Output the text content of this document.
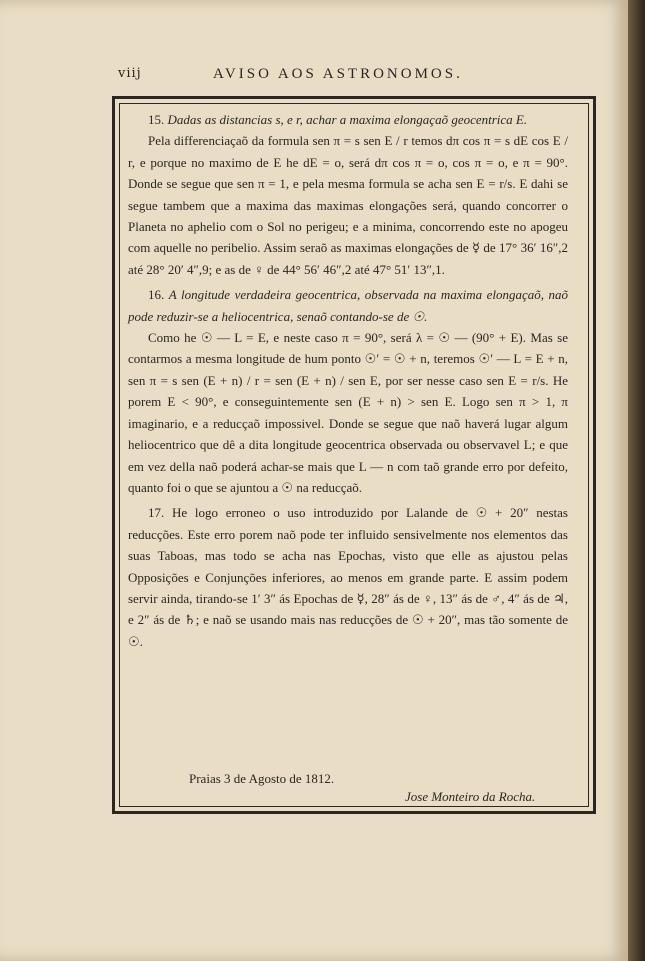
viij	AVISO AOS ASTRONOMOS.

15. Dadas as distancias s, e r, achar a maxima elongaçaõ geocentrica E.

Pela differenciaçaõ da formula sen π = s sen E / r temos dπ cos π = s dE cos E / r, e porque no maximo de E he dE = o, será dπ cos π = o, cos π = o, e π = 90°. Donde se segue que sen π = 1, e pela mesma formula se acha sen E = r/s. E dahi se segue tambem que a maxima das maximas elongações será, quando concorrer o Planeta no aphelio com o Sol no perigeu; e a minima, concorrendo este no apogeu com aquelle no peribelio. Assim seraõ as maximas elongações de ☿ de 17° 36′ 16″,2 até 28° 20′ 4″,9; e as de ♀ de 44° 56′ 46″,2 até 47° 51′ 13″,1.

16. A longitude verdadeira geocentrica, observada na maxima elongaçaõ, naõ pode reduzir-se a heliocentrica, senaõ contando-se de ☉.

Como he ☉ — L = E, e neste caso π = 90°, será λ = ☉ — (90° + E). Mas se contarmos a mesma longitude de hum ponto ☉′ = ☉ + n, teremos ☉′ — L = E + n, sen π = s sen (E + n) / r = sen (E + n) / sen E, por ser nesse caso sen E = r/s. He porem E < 90°, e conseguintemente sen (E + n) > sen E. Logo sen π > 1, π imaginario, e a reducçaõ impossivel. Donde se segue que naõ haverá lugar algum heliocentrico que dê a dita longitude geocentrica observada ou observavel L; e que em vez della naõ poderá achar-se mais que L — n com taõ grande erro por defeito, quanto foi o que se ajuntou a ☉ na reducçaõ.

17. He logo erroneo o uso introduzido por Lalande de ☉ + 20″ nestas reducções. Este erro porem naõ pode ter influido sensivelmente nos elementos das suas Taboas, mas todo se acha nas Epochas, visto que elle as ajustou pelas Opposições e Conjunções inferiores, ao menos em grande parte. E assim podem servir ainda, tirando-se 1′ 3″ ás Epochas de ☿, 28″ ás de ♀, 13″ ás de ♂, 4″ ás de ♃, e 2″ ás de ♄; e naõ se usando mais nas reducções de ☉ + 20″, mas tão somente de ☉.

Praias 3 de Agosto de 1812.
Jose Monteiro da Rocha.
